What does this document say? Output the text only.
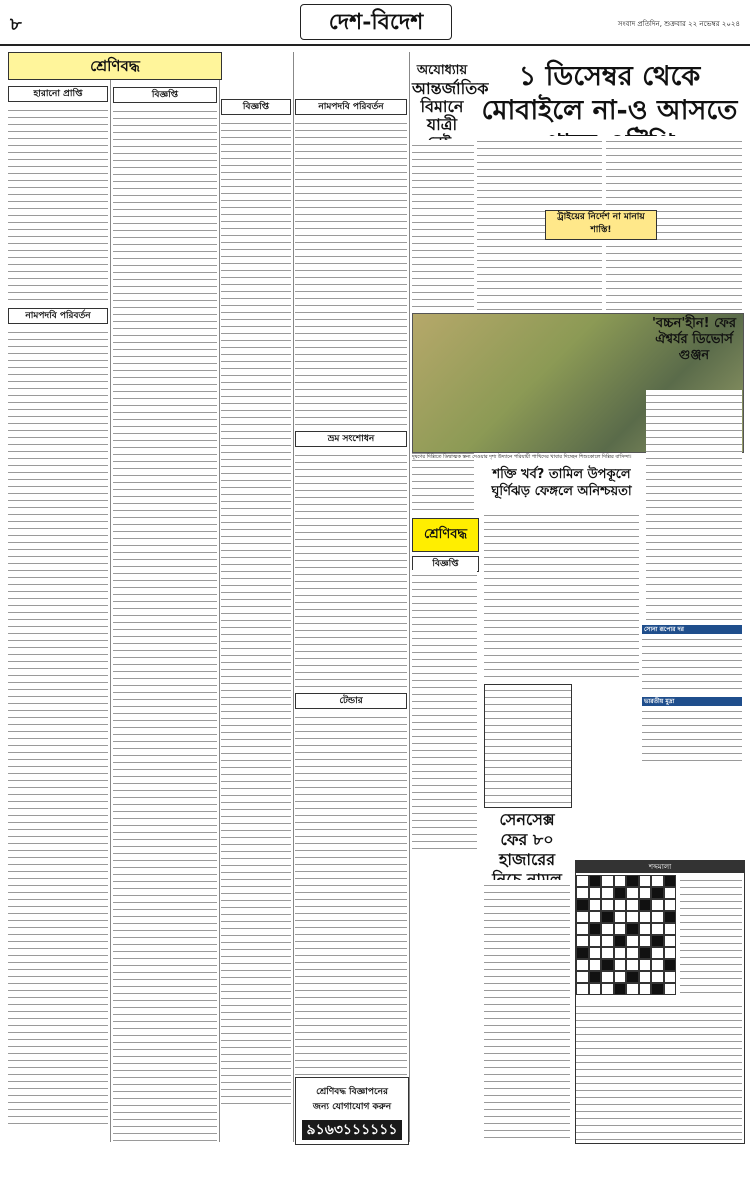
৮	দেশ-বিদেশ	সংবাদ প্রতিদিন, শুক্রবার ২২ নভেম্বর ২০২৪
শ্রেণিবদ্ধ
হারানো প্রাপ্তি
নামপদবি পরিবর্তন
বিজ্ঞপ্তি
বিজ্ঞপ্তি	নামপদবি পরিবর্তন
ভ্রম সংশোধন
টেন্ডার
শ্রেণিবদ্ধ বিজ্ঞাপনের
জন্য যোগাযোগ করুন
৯১৬৩১১১১১১
অযোধ্যায়
আন্তর্জাতিক
বিমানে যাত্রী
১ ডিসেম্বর থেকে মোবাইলে না-ও আসতে
ট্রাইয়ের নির্দেশ না মানায় শাস্তি!
দূষণের দিল্লিতে ডিম্বাত্মক স্তন্য দেওয়ার দৃশ্য উদ্যানে পরিযায়ী পাখিদের খাবার দিচ্ছেন শিশুকোলে দিল্লির বাসিন্দা।
শ্রেণিবদ্ধ
বিজ্ঞপ্তি
শক্তি খর্ব? তামিল উপকূলে ঘূর্ণিঝড় ফেঙ্গলে অনিশ্চয়তা
'বচ্চন'হীন! ফের ঐশ্বর্যর ডিভোর্স গুঞ্জন
সোনা রূপোর দর
ভারতীয় মুদ্রা
সেনসেক্স ফের ৮০ হাজারের	শব্দমালা
